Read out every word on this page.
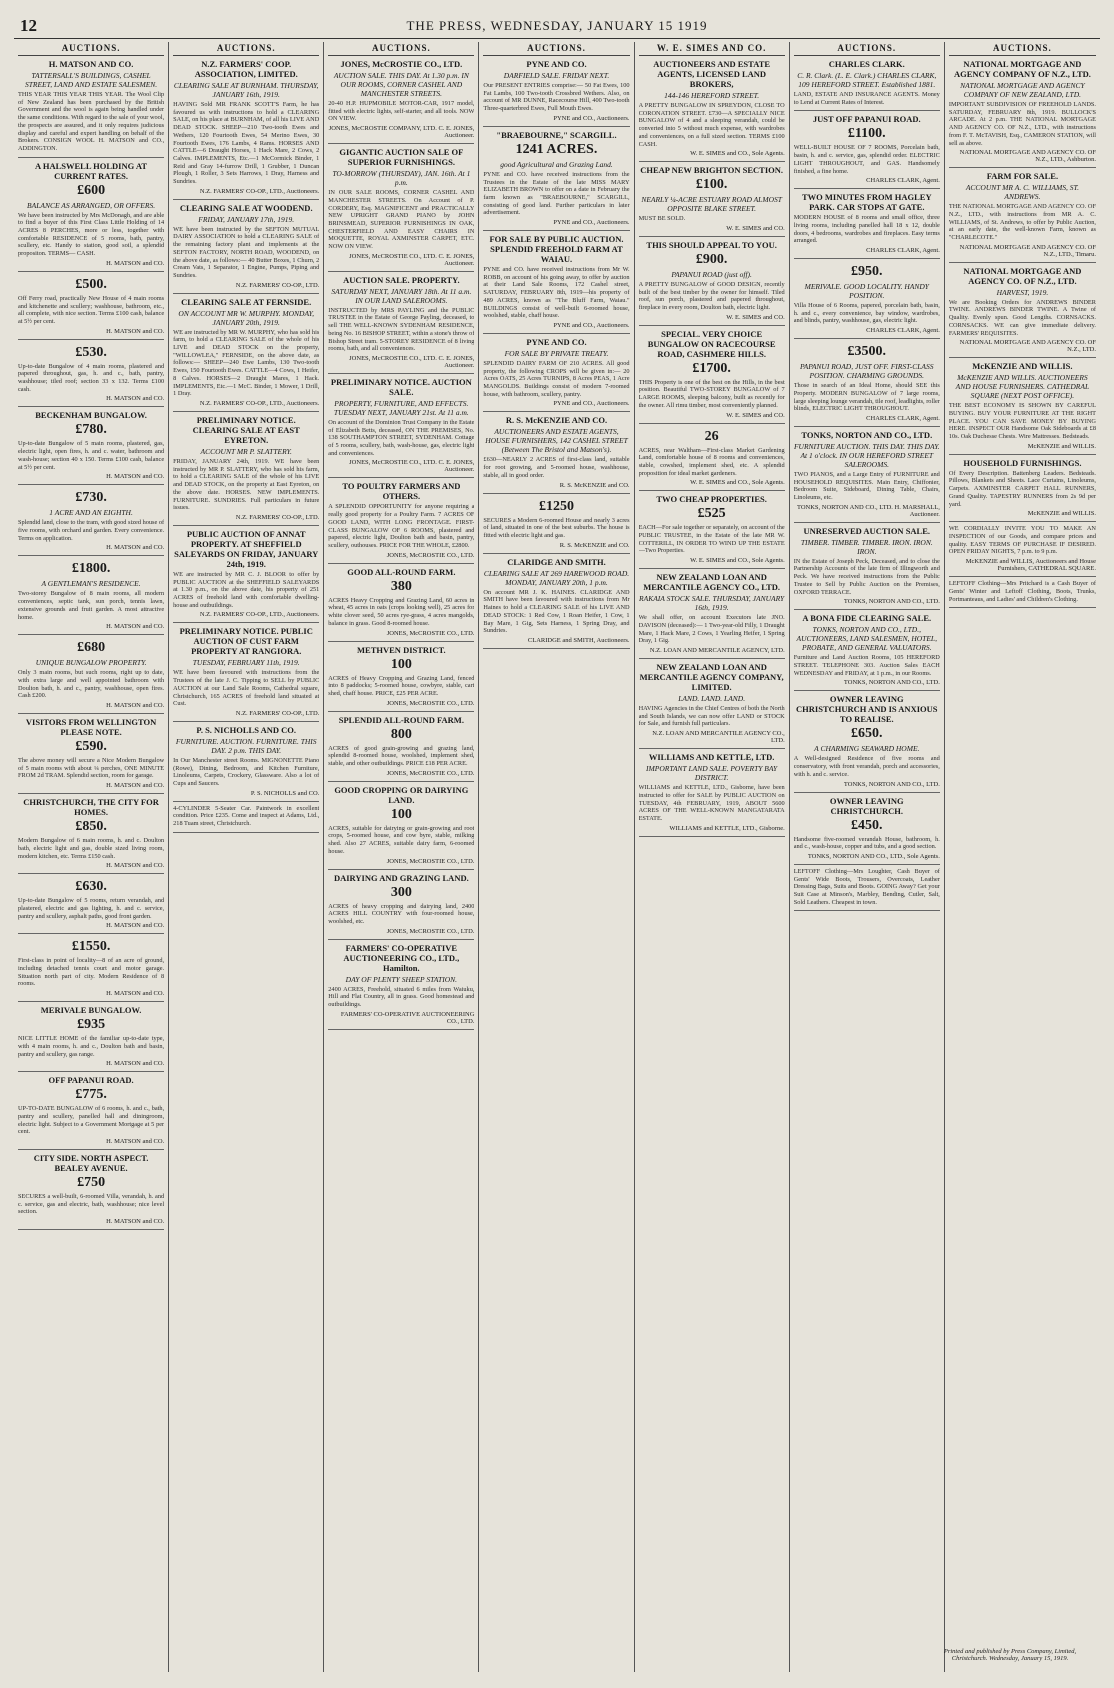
12	THE PRESS, WEDNESDAY, JANUARY 15 1919
AUCTIONS.
H. MATSON AND CO.
TATTERSALL'S BUILDINGS, CASHEL STREET, LAND AND ESTATE SALESMEN.
THIS YEAR THIS YEAR THIS YEAR. The Wool Clip of New Zealand has been purchased by the British Government and the wool is again being handled under the same conditions. With regard to the sale of your wool, the prospects are assured, and it only requires judicious display and careful and expert handling on behalf of the Brokers. CONSIGN WOOL H. MATSON and CO., ADDINGTON.
A HALSWELL HOLDING AT CURRENT RATES.
£600
BALANCE AS ARRANGED, OR OFFERS.
We have been instructed by Mrs McDonagh, and are able to find a buyer of this First Class Little Holding of 14 ACRES 8 PERCHES, more or less, together with comfortable RESIDENCE of 5 rooms, bath, pantry, scullery, etc. Handy to station, good soil, a splendid propositon. TERMS— CASH.
H. MATSON and CO.
£500.
Off Ferry road, practically New House of 4 main rooms and kitchenette and scullery; washhouse, bathroom, etc., all complete, with nice section. Terms £100 cash, balance at 5½ per cent.
H. MATSON and CO.
£530.
Up-to-date Bungalow of 4 main rooms, plastered and papered throughout, gas, h. and c., bath, pantry, washhouse; tiled roof; section 33 x 132. Terms £100 cash.
H. MATSON and CO.
BECKENHAM BUNGALOW.
£780.
Up-to-date Bungalow of 5 main rooms, plastered, gas, electric light, open fires, h. and c. water, bathroom and wash-house; section 40 x 150. Terms £100 cash, balance at 5½ per cent.
H. MATSON and CO.
£730.
1 ACRE AND AN EIGHTH.
Splendid land, close to the tram, with good sized house of five rooms, with orchard and garden. Every convenience. Terms on application.
H. MATSON and CO.
£1800.
A GENTLEMAN'S RESIDENCE.
Two-storey Bungalow of 8 main rooms, all modern conveniences, septic tank, sun porch, tennis lawn, extensive grounds and fruit garden. A most attractive home.
H. MATSON and CO.
£680
UNIQUE BUNGALOW PROPERTY.
Only 3 main rooms, but such rooms, right up to date, with extra large and well appointed bathroom with Doulton bath, h. and c., pantry, washhouse, open fires. Cash £200.
H. MATSON and CO.
VISITORS FROM WELLINGTON PLEASE NOTE.
£590.
The above money will secure a Nice Modern Bungalow of 5 main rooms with about ¼ perches, ONE MINUTE FROM 2d TRAM. Splendid section, room for garage.
H. MATSON and CO.
CHRISTCHURCH, THE CITY FOR HOMES.
£850.
Modern Bungalow of 6 main rooms, h. and c. Doulton bath, electric light and gas, double sized living room, modern kitchen, etc. Terms £150 cash.
H. MATSON and CO.
£630.
Up-to-date Bungalow of 5 rooms, return verandah, and plastered, electric and gas lighting, h. and c. service, pantry and scullery, asphalt paths, good front garden.
H. MATSON and CO.
£1550.
First-class in point of locality—8 of an acre of ground, including detached tennis court and motor garage. Situation north part of city. Modern Residence of 8 rooms.
H. MATSON and CO.
MERIVALE BUNGALOW.
£935
NICE LITTLE HOME of the familiar up-to-date type, with 4 main rooms, h. and c., Doulton bath and basin, pantry and scullery, gas range.
H. MATSON and CO.
OFF PAPANUI ROAD.
£775.
UP-TO-DATE BUNGALOW of 6 rooms, h. and c., bath, pantry and scullery, panelled hall and diningroom, electric light. Subject to a Government Mortgage at 5 per cent.
H. MATSON and CO.
CITY SIDE. NORTH ASPECT. BEALEY AVENUE.
£750
SECURES a well-built, 6-roomed Villa, verandah, h. and c. service, gas and electric, bath, washhouse; nice level section.
H. MATSON and CO.
AUCTIONS.
N.Z. FARMERS' COOP. ASSOCIATION, LIMITED.
CLEARING SALE AT BURNHAM. THURSDAY, JANUARY 16th, 1919.
HAVING Sold MR FRANK SCOTT'S Farm, he has favoured us with instructions to hold a CLEARING SALE, on his place at BURNHAM, of all his LIVE AND DEAD STOCK. SHEEP—210 Two-tooth Ewes and Wethers, 120 Fourtooth Ewes, 54 Merino Ewes, 30 Fourtooth Ewes, 176 Lambs, 4 Rams. HORSES AND CATTLE—6 Draught Horses, 1 Hack Mare, 2 Cows, 2 Calves. IMPLEMENTS, Etc.—1 McCormick Binder, 1 Reid and Gray 14-furrow Drill, 1 Grubber, 1 Duncan Plough, 1 Roller, 3 Sets Harrows, 1 Dray, Harness and Sundries.
N.Z. FARMERS' CO-OP., LTD., Auctioneers.
CLEARING SALE AT WOODEND.
FRIDAY, JANUARY 17th, 1919.
WE have been instructed by the SEFTON MUTUAL DAIRY ASSOCIATION to hold a CLEARING SALE of the remaining factory plant and implements at the SEFTON FACTORY, NORTH ROAD, WOODEND, on the above date, as follows:— 40 Butter Boxes, 1 Churn, 2 Cream Vats, 1 Separator, 1 Engine, Pumps, Piping and Sundries.
N.Z. FARMERS' CO-OP., LTD.
CLEARING SALE AT FERNSIDE.
ON ACCOUNT MR W. MURPHY. MONDAY, JANUARY 20th, 1919.
WE are instructed by MR W. MURPHY, who has sold his farm, to hold a CLEARING SALE of the whole of his LIVE and DEAD STOCK on the property, "WILLOWLEA," FERNSIDE, on the above date, as follows:— SHEEP—240 Ewe Lambs, 130 Two-tooth Ewes, 150 Fourtooth Ewes. CATTLE—4 Cows, 1 Heifer, 8 Calves. HORSES—2 Draught Mares, 1 Hack. IMPLEMENTS, Etc.—1 McC. Binder, 1 Mower, 1 Drill, 1 Dray.
N.Z. FARMERS' CO-OP., LTD., Auctioneers.
PRELIMINARY NOTICE. CLEARING SALE AT EAST EYRETON.
ACCOUNT MR P. SLATTERY.
FRIDAY, JANUARY 24th, 1919. WE have been instructed by MR P. SLATTERY, who has sold his farm, to hold a CLEARING SALE of the whole of his LIVE and DEAD STOCK, on the property at East Eyreton, on the above date. HORSES. NEW IMPLEMENTS. FURNITURE. SUNDRIES. Full particulars in future issues.
N.Z. FARMERS' CO-OP., LTD.
PUBLIC AUCTION OF ANNAT PROPERTY. AT SHEFFIELD SALEYARDS ON FRIDAY, JANUARY 24th, 1919.
WE are instructed by MR C. J. BLOOR to offer by PUBLIC AUCTION at the SHEFFIELD SALEYARDS at 1.30 p.m., on the above date, his property of 251 ACRES of freehold land with comfortable dwelling-house and outbuildings.
N.Z. FARMERS' CO-OP., LTD., Auctioneers.
PRELIMINARY NOTICE. PUBLIC AUCTION OF CUST FARM PROPERTY AT RANGIORA.
TUESDAY, FEBRUARY 11th, 1919.
WE have been favoured with instructions from the Trustees of the late J. C. Tipping to SELL by PUBLIC AUCTION at our Land Sale Rooms, Cathedral square, Christchurch, 165 ACRES of freehold land situated at Cust.
N.Z. FARMERS' CO-OP., LTD.
P. S. NICHOLLS AND CO.
FURNITURE. AUCTION. FURNITURE. THIS DAY. 2 p.m. THIS DAY.
In Our Manchester street Rooms. MIGNONETTE Piano (Rowe), Dining, Bedroom, and Kitchen Furniture, Linoleums, Carpets, Crockery, Glassware. Also a lot of Cups and Saucers.
P. S. NICHOLLS and CO.
4-CYLINDER 5-Seater Car. Paintwork in excellent condition. Price £235. Come and inspect at Adams, Ltd., 218 Tuam street, Christchurch.
AUCTIONS.
JONES, McCROSTIE CO., LTD.
AUCTION SALE. THIS DAY. At 1.30 p.m. IN OUR ROOMS, CORNER CASHEL AND MANCHESTER STREETS.
20-40 H.P. HUPMOBILE MOTOR-CAR, 1917 model, fitted with electric lights, self-starter, and all tools. NOW ON VIEW.
JONES, McCROSTIE COMPANY, LTD. C. E. JONES, Auctioneer.
GIGANTIC AUCTION SALE OF SUPERIOR FURNISHINGS.
TO-MORROW (THURSDAY), JAN. 16th. At 1 p.m.
IN OUR SALE ROOMS, CORNER CASHEL AND MANCHESTER STREETS. On Account of P. CORDERY, Esq. MAGNIFICENT and PRACTICALLY NEW UPRIGHT GRAND PIANO by JOHN BRINSMEAD, SUPERIOR FURNISHINGS IN OAK, CHESTERFIELD AND EASY CHAIRS IN MOQUETTE, ROYAL AXMINSTER CARPET, ETC. NOW ON VIEW.
JONES, McCROSTIE CO., LTD. C. E. JONES, Auctioneer.
AUCTION SALE. PROPERTY.
SATURDAY NEXT, JANUARY 18th. At 11 a.m. IN OUR LAND SALEROOMS.
INSTRUCTED by MRS PAYLING and the PUBLIC TRUSTEE in the Estate of George Payling, deceased, to sell THE WELL-KNOWN SYDENHAM RESIDENCE, being No. 16 BISHOP STREET, within a stone's throw of Bishop Street tram. 5-STOREY RESIDENCE of 8 living rooms, bath, and all conveniences.
JONES, McCROSTIE CO., LTD. C. E. JONES, Auctioneer.
PRELIMINARY NOTICE. AUCTION SALE.
PROPERTY, FURNITURE, AND EFFECTS. TUESDAY NEXT, JANUARY 21st. At 11 a.m.
On account of the Dominion Trust Company in the Estate of Elizabeth Betts, deceased, ON THE PREMISES, No. 138 SOUTHAMPTON STREET, SYDENHAM. Cottage of 5 rooms, scullery, bath, wash-house, gas, electric light and conveniences.
JONES, McCROSTIE CO., LTD. C. E. JONES, Auctioneer.
TO POULTRY FARMERS AND OTHERS.
A SPLENDID OPPORTUNITY for anyone requiring a really good property for a Poultry Farm. 7 ACRES OF GOOD LAND, WITH LONG FRONTAGE. FIRST-CLASS BUNGALOW OF 6 ROOMS, plastered and papered, electric light, Doulton bath and basin, pantry, scullery, outhouses. PRICE FOR THE WHOLE, £2800.
JONES, McCROSTIE CO., LTD.
GOOD ALL-ROUND FARM.
380
ACRES Heavy Cropping and Grazing Land, 60 acres in wheat, 45 acres in oats (crops looking well), 25 acres for white clover seed, 50 acres rye-grass, 4 acres mangolds, balance in grass. Good 8-roomed house.
JONES, McCROSTIE CO., LTD.
METHVEN DISTRICT.
100
ACRES of Heavy Cropping and Grazing Land, fenced into 8 paddocks; 5-roomed house, cowbyre, stable, cart shed, chaff house. PRICE, £25 PER ACRE.
JONES, McCROSTIE CO., LTD.
SPLENDID ALL-ROUND FARM.
800
ACRES of good grain-growing and grazing land, splendid 8-roomed house, woolshed, implement shed, stable, and other outbuildings. PRICE £18 PER ACRE.
JONES, McCROSTIE CO., LTD.
GOOD CROPPING OR DAIRYING LAND.
100
ACRES, suitable for dairying or grain-growing and root crops, 5-roomed house, and cow byre, stable, milking shed. Also 27 ACRES, suitable dairy farm, 6-roomed house.
JONES, McCROSTIE CO., LTD.
DAIRYING AND GRAZING LAND.
300
ACRES of heavy cropping and dairying land, 2400 ACRES HILL COUNTRY with four-roomed house, woolshed, etc.
JONES, McCROSTIE CO., LTD.
FARMERS' CO-OPERATIVE AUCTIONEERING CO., LTD., Hamilton.
DAY OF PLENTY SHEEP STATION.
2400 ACRES, Freehold, situated 6 miles from Waiuku, Hill and Flat Country, all in grass. Good homestead and outbuildings.
FARMERS' CO-OPERATIVE AUCTIONEERING CO., LTD.
AUCTIONS.
PYNE AND CO.
DARFIELD SALE. FRIDAY NEXT.
Our PRESENT ENTRIES comprise:— 50 Fat Ewes, 100 Fat Lambs, 100 Two-tooth Crossbred Wethers. Also, on account of MR DUNNE, Racecourse Hill, 400 Two-tooth Three-quarterbred Ewes, Full Mouth Ewes.
PYNE and CO., Auctioneers.
"BRAEBOURNE," SCARGILL.
1241 ACRES.
good Agricultural and Grazing Land.
PYNE and CO. have received instructions from the Trustees in the Estate of the late MISS MARY ELIZABETH BROWN to offer on a date in February the farm known as "BRAEBOURNE," SCARGILL, consisting of good land. Further particulars in later advertisement.
PYNE and CO., Auctioneers.
FOR SALE BY PUBLIC AUCTION. SPLENDID FREEHOLD FARM AT WAIAU.
PYNE and CO. have received instructions from Mr W. ROBB, on account of his going away, to offer by auction at their Land Sale Rooms, 172 Cashel street, SATURDAY, FEBRUARY 8th, 1919—his property of 489 ACRES, known as "The Bluff Farm, Waiau." BUILDINGS consist of well-built 6-roomed house, woolshed, stable, chaff house.
PYNE and CO., Auctioneers.
PYNE AND CO.
FOR SALE BY PRIVATE TREATY.
SPLENDID DAIRY FARM OF 210 ACRES. All good property, the following CROPS will be given in:— 20 Acres OATS, 25 Acres TURNIPS, 8 Acres PEAS, 1 Acre MANGOLDS. Buildings consist of modern 7-roomed house, with bathroom, scullery, pantry.
PYNE and CO., Auctioneers.
R. S. McKENZIE AND CO.
AUCTIONEERS AND ESTATE AGENTS, HOUSE FURNISHERS, 142 CASHEL STREET (Between The Bristol and Matson's).
£630—NEARLY 2 ACRES of first-class land, suitable for root growing, and 5-roomed house, washhouse, stable, all in good order.
R. S. McKENZIE and CO.
£1250
SECURES a Modern 6-roomed House and nearly 3 acres of land, situated in one of the best suburbs. The house is fitted with electric light and gas.
R. S. McKENZIE and CO.
CLARIDGE AND SMITH.
CLEARING SALE AT 269 HAREWOOD ROAD. MONDAY, JANUARY 20th, 1 p.m.
On account MR J. K. HAINES. CLARIDGE AND SMITH have been favoured with instructions from Mr Haines to hold a CLEARING SALE of his LIVE AND DEAD STOCK: 1 Red Cow, 1 Roan Heifer, 1 Cow, 1 Bay Mare, 1 Gig, Sets Harness, 1 Spring Dray, and Sundries.
CLARIDGE and SMITH, Auctioneers.
W. E. SIMES AND CO.
AUCTIONEERS AND ESTATE AGENTS, LICENSED LAND BROKERS,
144-146 HEREFORD STREET.
A PRETTY BUNGALOW IN SPREYDON, CLOSE TO CORONATION STREET. £730—A SPECIALLY NICE BUNGALOW of 4 and a sleeping verandah, could be converted into 5 without much expense, with wardrobes and conveniences, on a full sized section. TERMS £100 CASH.
W. E. SIMES and CO., Sole Agents.
CHEAP NEW BRIGHTON SECTION.
£100.
NEARLY ¼-ACRE ESTUARY ROAD ALMOST OPPOSITE BLAKE STREET.
MUST BE SOLD.
W. E. SIMES and CO.
THIS SHOULD APPEAL TO YOU.
£900.
PAPANUI ROAD (just off).
A PRETTY BUNGALOW of GOOD DESIGN, recently built of the best timber by the owner for himself. Tiled roof, sun porch, plastered and papered throughout, fireplace in every room, Doulton bath, electric light.
W. E. SIMES and CO.
SPECIAL. VERY CHOICE BUNGALOW ON RACECOURSE ROAD, CASHMERE HILLS.
£1700.
THIS Property is one of the best on the Hills, in the best position. Beautiful TWO-STOREY BUNGALOW of 7 LARGE ROOMS, sleeping balcony, built as recently for the owner. All rimu timber, most conveniently planned.
W. E. SIMES and CO.
26
ACRES, near Waltham—First-class Market Gardening Land, comfortable house of 8 rooms and conveniences, stable, cowshed, implement shed, etc. A splendid proposition for ideal market gardeners.
W. E. SIMES and CO., Sole Agents.
TWO CHEAP PROPERTIES.
£525
EACH—For sale together or separately, on account of the PUBLIC TRUSTEE, in the Estate of the late MR W. COTTERILL, IN ORDER TO WIND UP THE ESTATE—Two Properties.
W. E. SIMES and CO., Sole Agents.
NEW ZEALAND LOAN AND MERCANTILE AGENCY CO., LTD.
RAKAIA STOCK SALE. THURSDAY, JANUARY 16th, 1919.
We shall offer, on account Executors late JNO. DAVISON (deceased):— 1 Two-year-old Filly, 1 Draught Mare, 1 Hack Mare, 2 Cows, 1 Yearling Heifer, 1 Spring Dray, 1 Gig.
N.Z. LOAN AND MERCANTILE AGENCY, LTD.
NEW ZEALAND LOAN AND MERCANTILE AGENCY COMPANY, LIMITED.
LAND. LAND. LAND.
HAVING Agencies in the Chief Centres of both the North and South Islands, we can now offer LAND or STOCK for Sale, and furnish full particulars.
N.Z. LOAN AND MERCANTILE AGENCY CO., LTD.
WILLIAMS AND KETTLE, LTD.
IMPORTANT LAND SALE. POVERTY BAY DISTRICT.
WILLIAMS and KETTLE, LTD., Gisborne, have been instructed to offer for SALE by PUBLIC AUCTION on TUESDAY, 4th FEBRUARY, 1919, ABOUT 5600 ACRES OF THE WELL-KNOWN MANGATARATA ESTATE.
WILLIAMS and KETTLE, LTD., Gisborne.
AUCTIONS.
CHARLES CLARK.
C. R. Clark. (L. E. Clark.) CHARLES CLARK, 109 HEREFORD STREET. Established 1881.
LAND, ESTATE AND INSURANCE AGENTS. Money to Lend at Current Rates of Interest.
JUST OFF PAPANUI ROAD.
£1100.
WELL-BUILT HOUSE OF 7 ROOMS, Porcelain bath, basin, h. and c. service, gas, splendid order. ELECTRIC LIGHT THROUGHOUT, and GAS. Handsomely finished, a fine home.
CHARLES CLARK, Agent.
TWO MINUTES FROM HAGLEY PARK. CAR STOPS AT GATE.
MODERN HOUSE of 8 rooms and small office, three living rooms, including panelled hall 18 x 12, double doors, 4 bedrooms, wardrobes and fireplaces. Easy terms arranged.
CHARLES CLARK, Agent.
£950.
MERIVALE. GOOD LOCALITY. HANDY POSITION.
Villa House of 6 Rooms, papered, porcelain bath, basin, h. and c., every convenience, bay window, wardrobes, and blinds, pantry, washhouse, gas, electric light.
CHARLES CLARK, Agent.
£3500.
PAPANUI ROAD, JUST OFF. FIRST-CLASS POSITION. CHARMING GROUNDS.
Those in search of an Ideal Home, should SEE this Property. MODERN BUNGALOW of 7 large rooms, large sleeping lounge verandah, tile roof, leadlights, roller blinds, ELECTRIC LIGHT THROUGHOUT.
CHARLES CLARK, Agent.
TONKS, NORTON AND CO., LTD.
FURNITURE AUCTION. THIS DAY. THIS DAY. At 1 o'clock. IN OUR HEREFORD STREET SALEROOMS.
TWO PIANOS, and a Large Entry of FURNITURE and HOUSEHOLD REQUISITES. Main Entry, Chiffonier, Bedroom Suite, Sideboard, Dining Table, Chairs, Linoleums, etc.
TONKS, NORTON AND CO., LTD. H. MARSHALL, Auctioneer.
UNRESERVED AUCTION SALE.
TIMBER. TIMBER. TIMBER. IRON. IRON. IRON.
IN the Estate of Joseph Peck, Deceased, and to close the Partnership Accounts of the late firm of Illingworth and Peck. We have received instructions from the Public Trustee to Sell by Public Auction on the Premises, OXFORD TERRACE.
TONKS, NORTON AND CO., LTD.
A BONA FIDE CLEARING SALE.
TONKS, NORTON AND CO., LTD., AUCTIONEERS, LAND SALESMEN, HOTEL, PROBATE, AND GENERAL VALUATORS.
Furniture and Land Auction Rooms, 105 HEREFORD STREET. TELEPHONE 303. Auction Sales EACH WEDNESDAY and FRIDAY, at 1 p.m., in our Rooms.
TONKS, NORTON AND CO., LTD.
OWNER LEAVING CHRISTCHURCH AND IS ANXIOUS TO REALISE.
£650.
A CHARMING SEAWARD HOME.
A Well-designed Residence of five rooms and conservatory, with front verandah, porch and accessories, with h. and c. service.
TONKS, NORTON AND CO., LTD.
OWNER LEAVING CHRISTCHURCH.
£450.
Handsome five-roomed verandah House, bathroom, h. and c., wash-house, copper and tubs, and a good section.
TONKS, NORTON AND CO., LTD., Sole Agents.
LEFTOFF Clothing—Mrs Loughter, Cash Buyer of Gents' Wide Boots, Trousers, Overcoats, Leather Dressing Bags, Suits and Boots. GOING Away? Get your Suit Case at Minson's, Marbley, Bending, Cutler, Salt, Sold Leathers. Cheapest in town.
AUCTIONS.
NATIONAL MORTGAGE AND AGENCY COMPANY OF N.Z., LTD.
NATIONAL MORTGAGE AND AGENCY COMPANY OF NEW ZEALAND, LTD.
IMPORTANT SUBDIVISION OF FREEHOLD LANDS. SATURDAY, FEBRUARY 8th, 1919. BULLOCK'S ARCADE. At 2 p.m. THE NATIONAL MORTGAGE AND AGENCY CO. OF N.Z., LTD., with instructions from F. T. McTAVISH, Esq., CAMERON STATION, will sell as above.
NATIONAL MORTGAGE AND AGENCY CO. OF N.Z., LTD., Ashburton.
FARM FOR SALE.
ACCOUNT MR A. C. WILLIAMS, ST. ANDREWS.
THE NATIONAL MORTGAGE AND AGENCY CO. OF N.Z., LTD., with instructions from MR A. C. WILLIAMS, of St. Andrews, to offer by Public Auction, at an early date, the well-known Farm, known as "CHARLECOTE."
NATIONAL MORTGAGE AND AGENCY CO. OF N.Z., LTD., Timaru.
NATIONAL MORTGAGE AND AGENCY CO. OF N.Z., LTD.
HARVEST, 1919.
We are Booking Orders for ANDREWS BINDER TWINE. ANDREWS BINDER TWINE. A Twine of Quality. Evenly spun. Good Lengths. CORNSACKS. CORNSACKS. WE can give immediate delivery. FARMERS' REQUISITES.
NATIONAL MORTGAGE AND AGENCY CO. OF N.Z., LTD.
McKENZIE AND WILLIS.
McKENZIE AND WILLIS. AUCTIONEERS AND HOUSE FURNISHERS. CATHEDRAL SQUARE (NEXT POST OFFICE).
THE BEST ECONOMY IS SHOWN BY CAREFUL BUYING. BUY YOUR FURNITURE AT THE RIGHT PLACE. YOU CAN SAVE MONEY BY BUYING HERE. INSPECT OUR Handsome Oak Sideboards at £8 10s. Oak Duchesse Chests. Wire Mattresses. Bedsteads.
McKENZIE and WILLIS.
HOUSEHOLD FURNISHINGS.
Of Every Description. Battenberg Leaders. Bedsteads. Pillows, Blankets and Sheets. Lace Curtains, Linoleums, Carpets. AXMINSTER CARPET HALL RUNNERS, Grand Quality. TAPESTRY RUNNERS from 2s 9d per yard.
McKENZIE and WILLIS.
WE CORDIALLY INVITE YOU TO MAKE AN INSPECTION of our Goods, and compare prices and quality. EASY TERMS OF PURCHASE IF DESIRED. OPEN FRIDAY NIGHTS, 7 p.m. to 9 p.m.
McKENZIE and WILLIS, Auctioneers and House Furnishers, CATHEDRAL SQUARE.
LEFTOFF Clothing—Mrs Pritchard is a Cash Buyer of Gents' Winter and Leftoff Clothing, Boots, Trunks, Portmanteaus, and Ladies' and Children's Clothing.
Printed and published by Press Company, Limited, Christchurch. Wednesday, January 15, 1919.
